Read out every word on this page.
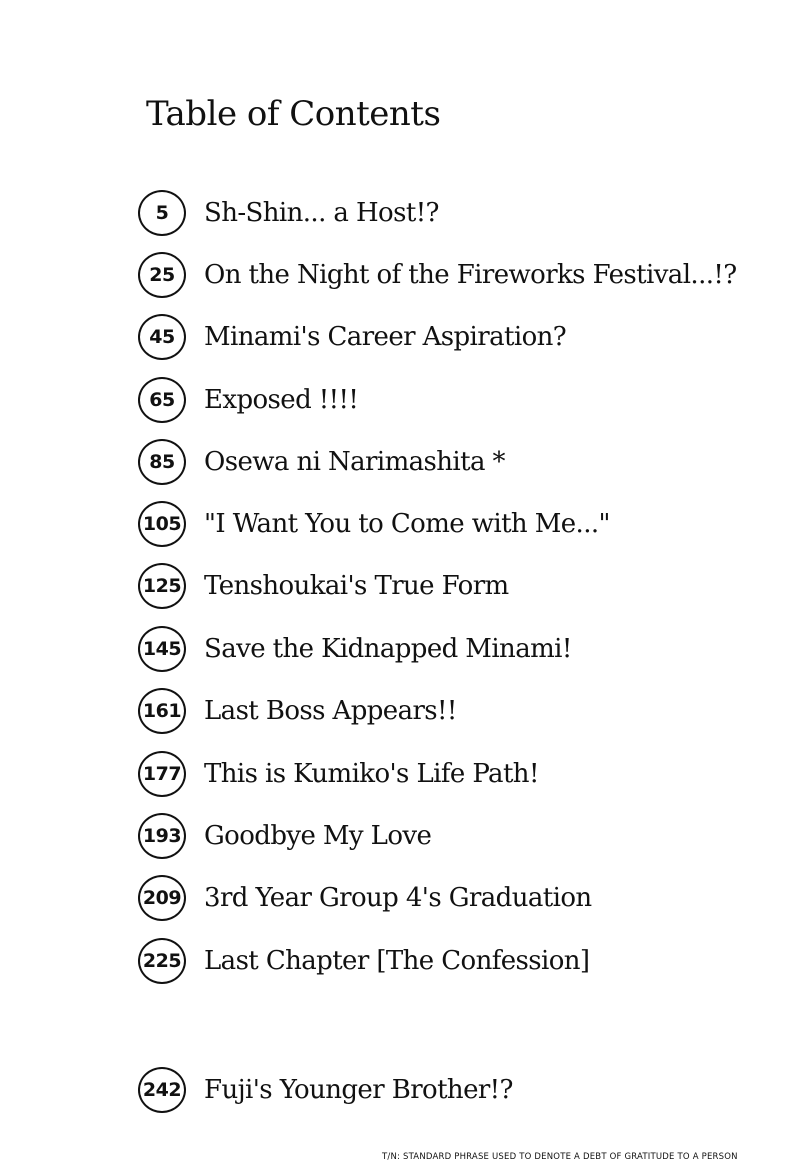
Table of Contents
5	Sh-Shin... a Host!?
25	On the Night of the Fireworks Festival...!?
45	Minami's Career Aspiration?
65	Exposed !!!!
85	Osewa ni Narimashita *
105 "I Want You to Come with Me..."
125 Tenshoukai's True Form
145 Save the Kidnapped Minami!
161 Last Boss Appears!!
177 This is Kumiko's Life Path!
193 Goodbye My Love
209 3rd Year Group 4's Graduation
225 Last Chapter [The Confession]
242 Fuji's Younger Brother!?
T/N: STANDARD PHRASE USED TO DENOTE A DEBT OF GRATITUDE TO A PERSON
